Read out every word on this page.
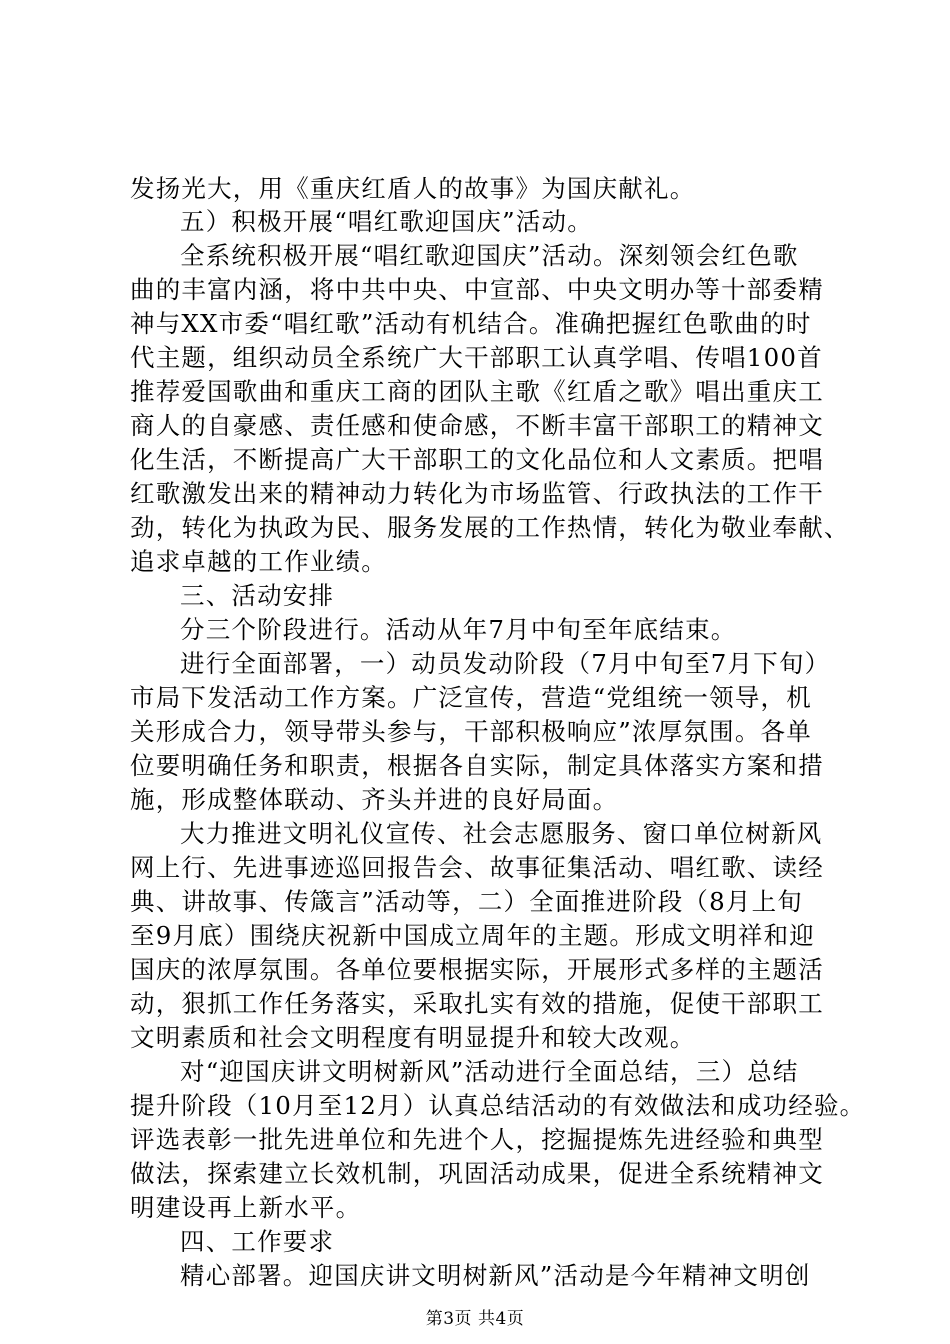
发扬光大，用《重庆红盾人的故事》为国庆献礼。
五）积极开展“唱红歌迎国庆”活动。
全系统积极开展“唱红歌迎国庆”活动。深刻领会红色歌
曲的丰富内涵，将中共中央、中宣部、中央文明办等十部委精
神与XX市委“唱红歌”活动有机结合。准确把握红色歌曲的时
代主题，组织动员全系统广大干部职工认真学唱、传唱100首
推荐爱国歌曲和重庆工商的团队主歌《红盾之歌》唱出重庆工
商人的自豪感、责任感和使命感，不断丰富干部职工的精神文
化生活，不断提高广大干部职工的文化品位和人文素质。把唱
红歌激发出来的精神动力转化为市场监管、行政执法的工作干
劲，转化为执政为民、服务发展的工作热情，转化为敬业奉献、
追求卓越的工作业绩。
三、活动安排
分三个阶段进行。活动从年7月中旬至年底结束。
进行全面部署，一）动员发动阶段（7月中旬至7月下旬）
市局下发活动工作方案。广泛宣传，营造“党组统一领导，机
关形成合力，领导带头参与，干部积极响应”浓厚氛围。各单
位要明确任务和职责，根据各自实际，制定具体落实方案和措
施，形成整体联动、齐头并进的良好局面。
大力推进文明礼仪宣传、社会志愿服务、窗口单位树新风
网上行、先进事迹巡回报告会、故事征集活动、唱红歌、读经
典、讲故事、传箴言”活动等，二）全面推进阶段（8月上旬
至9月底）围绕庆祝新中国成立周年的主题。形成文明祥和迎
国庆的浓厚氛围。各单位要根据实际，开展形式多样的主题活
动，狠抓工作任务落实，采取扎实有效的措施，促使干部职工
文明素质和社会文明程度有明显提升和较大改观。
对“迎国庆讲文明树新风”活动进行全面总结，三）总结
提升阶段（10月至12月）认真总结活动的有效做法和成功经验。
评选表彰一批先进单位和先进个人，挖掘提炼先进经验和典型
做法，探索建立长效机制，巩固活动成果，促进全系统精神文
明建设再上新水平。
四、工作要求
精心部署。迎国庆讲文明树新风”活动是今年精神文明创
第3页 共4页
